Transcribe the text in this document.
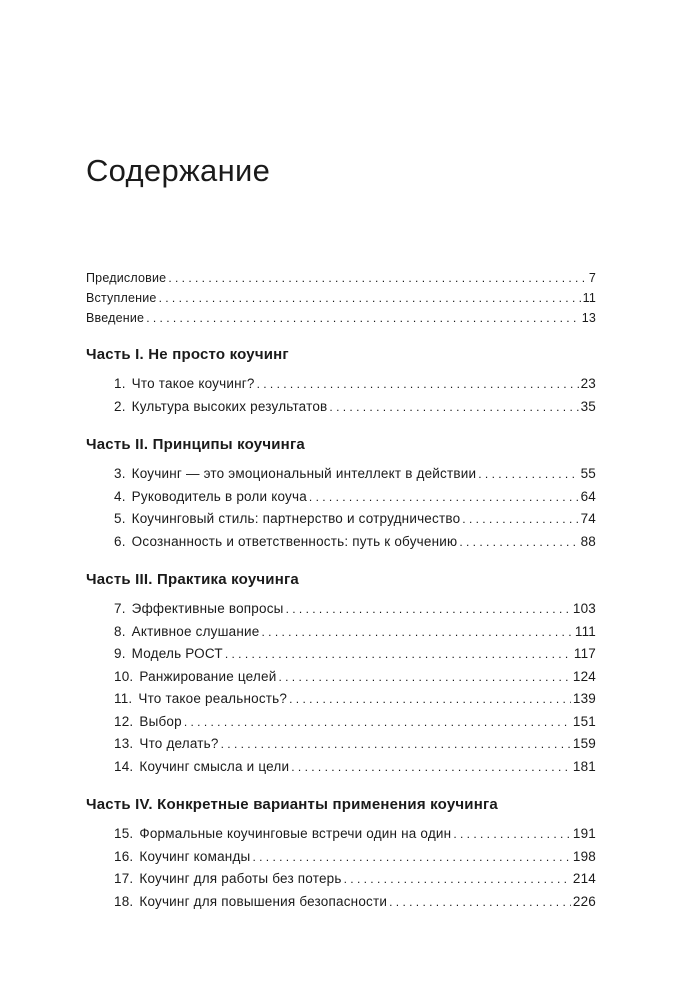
Содержание
Предисловие . . .	7
Вступление . . .	11
Введение . . .	13
Часть I. Не просто коучинг
1. Что такое коучинг? . . .	23
2. Культура высоких результатов . . .	35
Часть II. Принципы коучинга
3. Коучинг — это эмоциональный интеллект в действии . . .	55
4. Руководитель в роли коуча . . .	64
5. Коучинговый стиль: партнерство и сотрудничество . . .	74
6. Осознанность и ответственность: путь к обучению . . .	88
Часть III. Практика коучинга
7. Эффективные вопросы . . .	103
8. Активное слушание . . .	111
9. Модель РОСТ . . .	117
10. Ранжирование целей . . .	124
11. Что такое реальность? . . .	139
12. Выбор . . .	151
13. Что делать? . . .	159
14. Коучинг смысла и цели . . .	181
Часть IV. Конкретные варианты применения коучинга
15. Формальные коучинговые встречи один на один . . .	191
16. Коучинг команды . . .	198
17. Коучинг для работы без потерь . . .	214
18. Коучинг для повышения безопасности . . .	226
